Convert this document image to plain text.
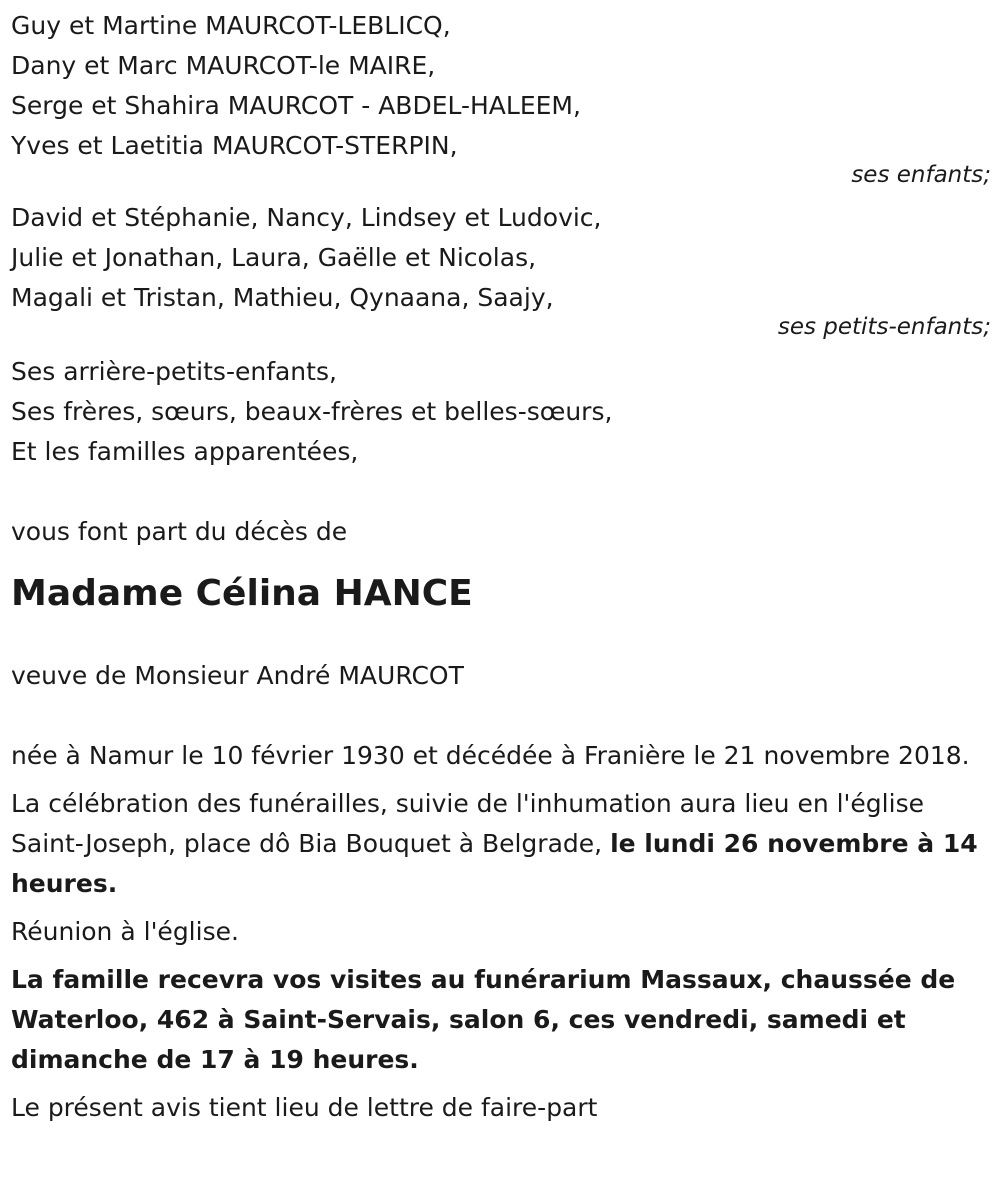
Guy et Martine MAURCOT-LEBLICQ,

Dany et Marc MAURCOT-le MAIRE,

Serge et Shahira MAURCOT - ABDEL-HALEEM,

Yves et Laetitia MAURCOT-STERPIN,

ses enfants;

David et Stéphanie, Nancy, Lindsey et Ludovic,

Julie et Jonathan, Laura, Gaëlle et Nicolas,

Magali et Tristan, Mathieu, Qynaana, Saajy,

ses petits-enfants;

Ses arrière-petits-enfants,

Ses frères, sœurs, beaux-frères et belles-sœurs,

Et les familles apparentées,

vous font part du décès de

Madame Célina HANCE

veuve de Monsieur André MAURCOT

née à Namur le 10 février 1930 et décédée à Franière le 21 novembre 2018.

La célébration des funérailles, suivie de l'inhumation aura lieu en l'église Saint-Joseph, place dô Bia Bouquet à Belgrade, le lundi 26 novembre à 14 heures.

Réunion à l'église.

La famille recevra vos visites au funérarium Massaux, chaussée de Waterloo, 462 à Saint-Servais, salon 6, ces vendredi, samedi et dimanche de 17 à 19 heures.

Le présent avis tient lieu de lettre de faire-part
